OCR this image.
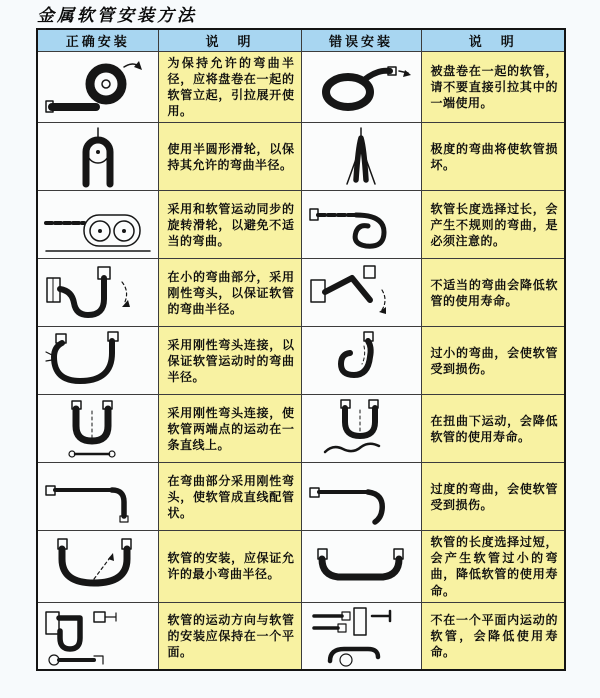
金属软管安装方法
正确安装	说　明	错误安装	说　明

为保持允许的弯曲半径，应将盘卷在一起的软管立起，引拉展开使用。		被盘卷在一起的软管，请不要直接引拉其中的一端使用。

使用半圆形滑轮，以保持其允许的弯曲半径。		极度的弯曲将使软管损坏。

采用和软管运动同步的旋转滑轮，以避免不适当的弯曲。		软管长度选择过长，会产生不规则的弯曲，是必须注意的。

在小的弯曲部分，采用刚性弯头，以保证软管的弯曲半径。		不适当的弯曲会降低软管的使用寿命。

采用刚性弯头连接，以保证软管运动时的弯曲半径。		过小的弯曲，会使软管受到损伤。

采用刚性弯头连接，使软管两端点的运动在一条直线上。		在扭曲下运动，会降低软管的使用寿命。

在弯曲部分采用刚性弯头，使软管成直线配管状。		过度的弯曲，会使软管受到损伤。

软管的安装，应保证允许的最小弯曲半径。		软管的长度选择过短，会产生软管过小的弯曲，降低软管的使用寿命。

软管的运动方向与软管的安装应保持在一个平面。		不在一个平面内运动的软管，会降低使用寿命。
